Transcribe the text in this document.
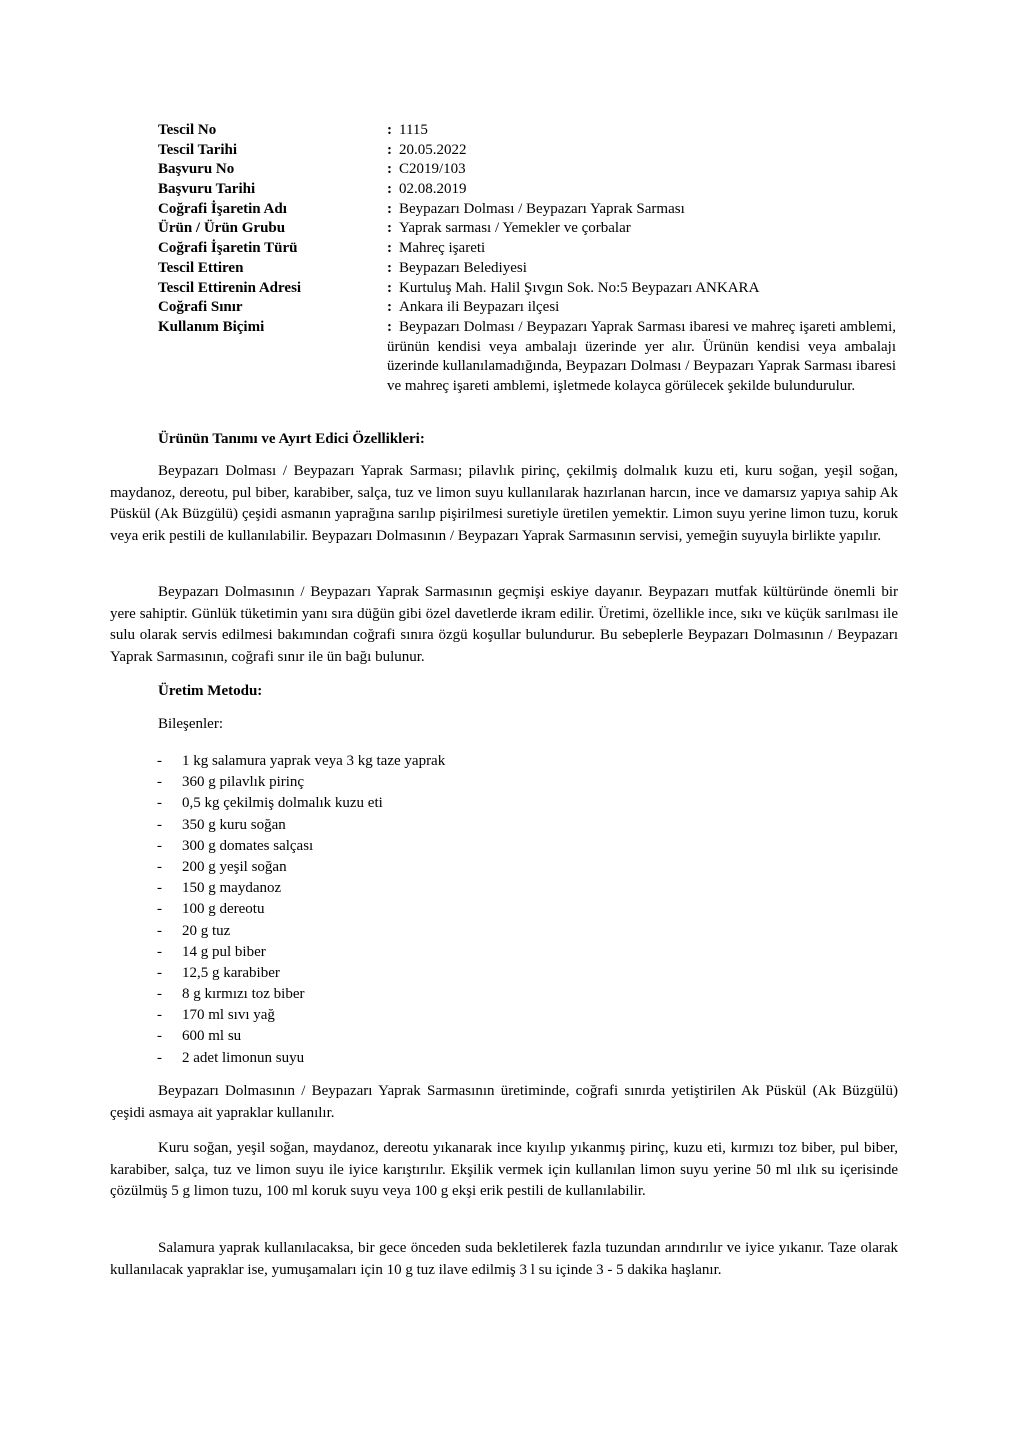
Tescil No	: 1115
Tescil Tarihi	: 20.05.2022
Başvuru No	: C2019/103
Başvuru Tarihi	: 02.08.2019
Coğrafi İşaretin Adı	: Beypazarı Dolması / Beypazarı Yaprak Sarması
Ürün / Ürün Grubu	: Yaprak sarması / Yemekler ve çorbalar
Coğrafi İşaretin Türü	: Mahreç işareti
Tescil Ettiren	: Beypazarı Belediyesi
Tescil Ettirenin Adresi	: Kurtuluş Mah. Halil Şıvgın Sok. No:5 Beypazarı ANKARA
Coğrafi Sınır	: Ankara ili Beypazarı ilçesi
Kullanım Biçimi	: Beypazarı Dolması / Beypazarı Yaprak Sarması ibaresi ve mahreç işareti amblemi, ürünün kendisi veya ambalajı üzerinde yer alır. Ürünün kendisi veya ambalajı üzerinde kullanılamadığında, Beypazarı Dolması / Beypazarı Yaprak Sarması ibaresi ve mahreç işareti amblemi, işletmede kolayca görülecek şekilde bulundurulur.
Ürünün Tanımı ve Ayırt Edici Özellikleri:

Beypazarı Dolması / Beypazarı Yaprak Sarması; pilavlık pirinç, çekilmiş dolmalık kuzu eti, kuru soğan, yeşil soğan, maydanoz, dereotu, pul biber, karabiber, salça, tuz ve limon suyu kullanılarak hazırlanan harcın, ince ve damarsız yapıya sahip Ak Püskül (Ak Büzgülü) çeşidi asmanın yaprağına sarılıp pişirilmesi suretiyle üretilen yemektir. Limon suyu yerine limon tuzu, koruk veya erik pestili de kullanılabilir. Beypazarı Dolmasının / Beypazarı Yaprak Sarmasının servisi, yemeğin suyuyla birlikte yapılır.

Beypazarı Dolmasının / Beypazarı Yaprak Sarmasının geçmişi eskiye dayanır. Beypazarı mutfak kültüründe önemli bir yere sahiptir. Günlük tüketimin yanı sıra düğün gibi özel davetlerde ikram edilir. Üretimi, özellikle ince, sıkı ve küçük sarılması ile sulu olarak servis edilmesi bakımından coğrafi sınıra özgü koşullar bulundurur. Bu sebeplerle Beypazarı Dolmasının / Beypazarı Yaprak Sarmasının, coğrafi sınır ile ün bağı bulunur.

Üretim Metodu:
Bileşenler:
- 1 kg salamura yaprak veya 3 kg taze yaprak
- 360 g pilavlık pirinç
- 0,5 kg çekilmiş dolmalık kuzu eti
- 350 g kuru soğan
- 300 g domates salçası
- 200 g yeşil soğan
- 150 g maydanoz
- 100 g dereotu
- 20 g tuz
- 14 g pul biber
- 12,5 g karabiber
- 8 g kırmızı toz biber
- 170 ml sıvı yağ
- 600 ml su
- 2 adet limonun suyu

Beypazarı Dolmasının / Beypazarı Yaprak Sarmasının üretiminde, coğrafi sınırda yetiştirilen Ak Püskül (Ak Büzgülü) çeşidi asmaya ait yapraklar kullanılır.

Kuru soğan, yeşil soğan, maydanoz, dereotu yıkanarak ince kıyılıp yıkanmış pirinç, kuzu eti, kırmızı toz biber, pul biber, karabiber, salça, tuz ve limon suyu ile iyice karıştırılır. Ekşilik vermek için kullanılan limon suyu yerine 50 ml ılık su içerisinde çözülmüş 5 g limon tuzu, 100 ml koruk suyu veya 100 g ekşi erik pestili de kullanılabilir.

Salamura yaprak kullanılacaksa, bir gece önceden suda bekletilerek fazla tuzundan arındırılır ve iyice yıkanır. Taze olarak kullanılacak yapraklar ise, yumuşamaları için 10 g tuz ilave edilmiş 3 l su içinde 3 - 5 dakika haşlanır.
